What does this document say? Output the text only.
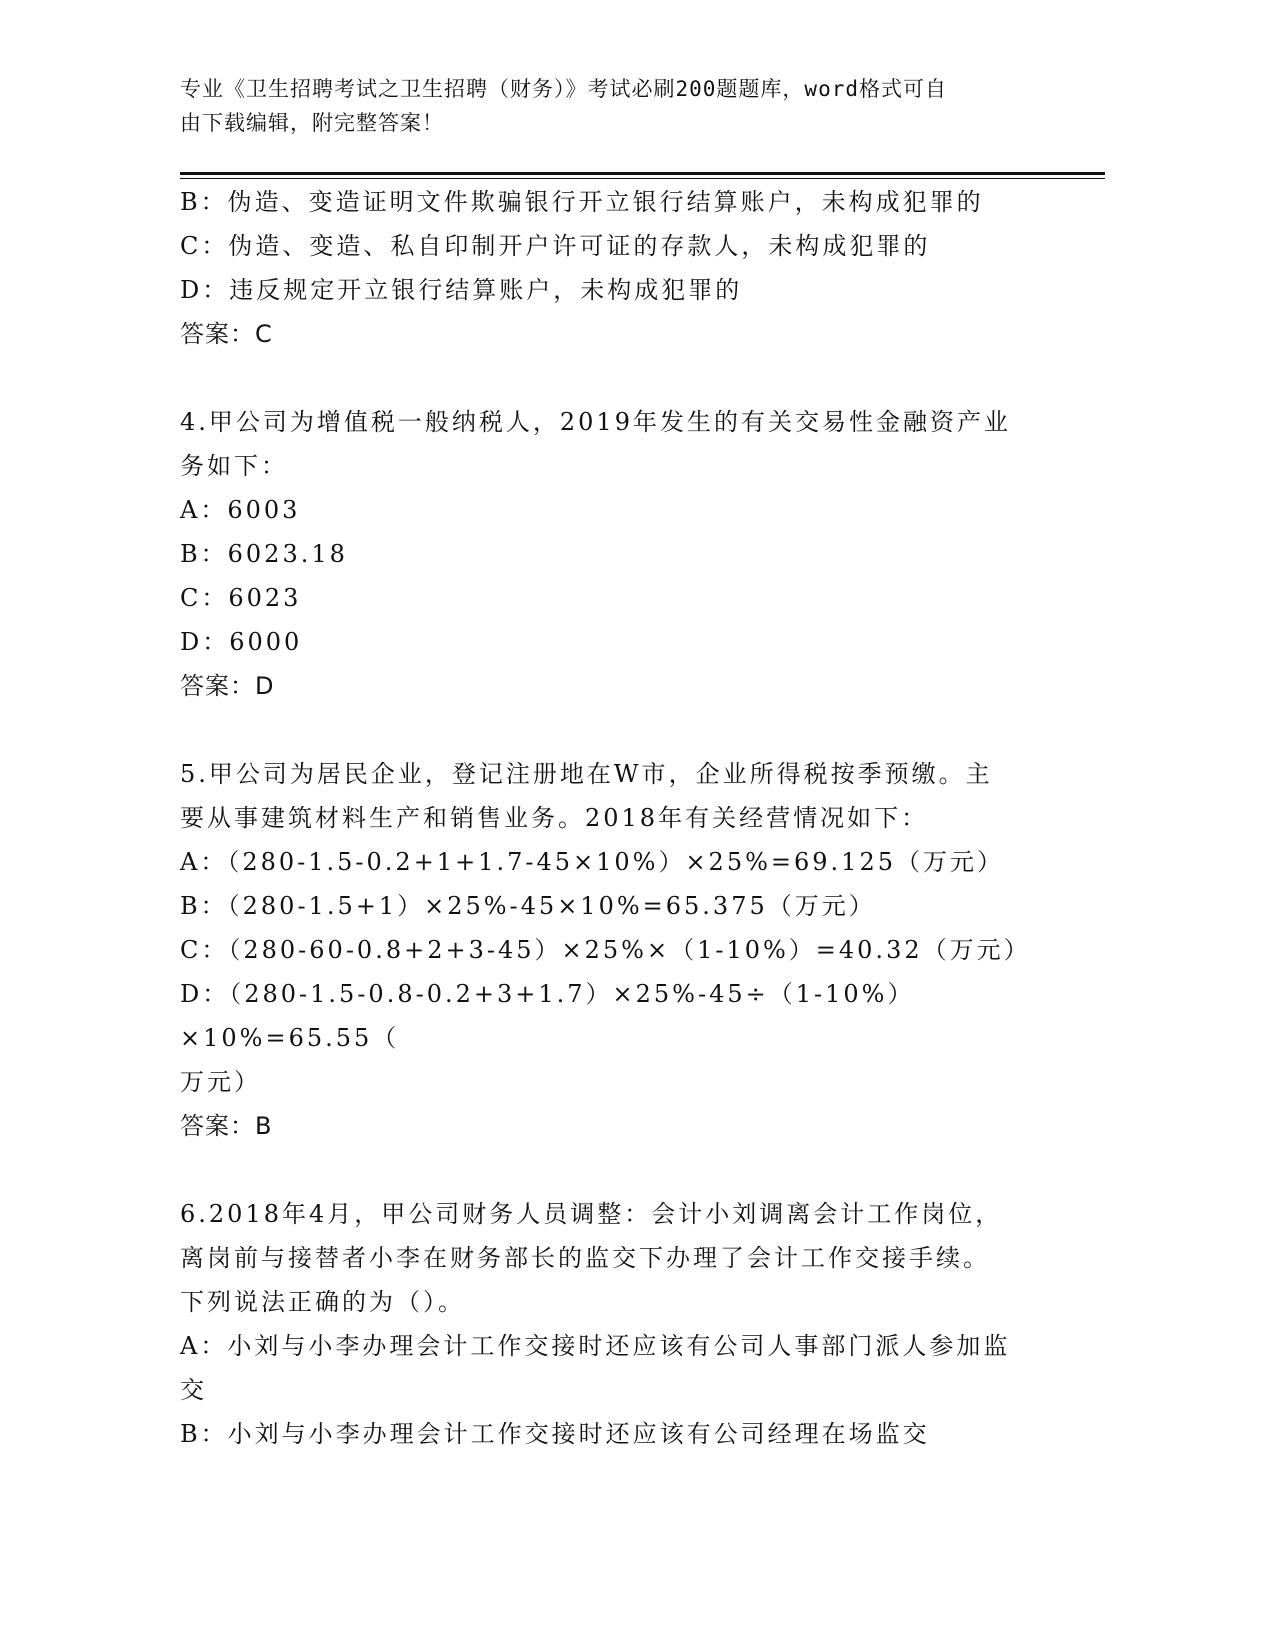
专业《卫生招聘考试之卫生招聘（财务）》考试必刷200题题库，word格式可自
由下载编辑，附完整答案！
B：伪造、变造证明文件欺骗银行开立银行结算账户，未构成犯罪的
C：伪造、变造、私自印制开户许可证的存款人，未构成犯罪的
D：违反规定开立银行结算账户，未构成犯罪的
答案：C
4.甲公司为增值税一般纳税人，2019年发生的有关交易性金融资产业
务如下：
A：6003
B：6023.18
C：6023
D：6000
答案：D
5.甲公司为居民企业，登记注册地在W市，企业所得税按季预缴。主
要从事建筑材料生产和销售业务。2018年有关经营情况如下：
A：（280-1.5-0.2+1+1.7-45×10%）×25%=69.125（万元）
B：（280-1.5+1）×25%-45×10%=65.375（万元）
C：（280-60-0.8+2+3-45）×25%×（1-10%）=40.32（万元）
D：（280-1.5-0.8-0.2+3+1.7）×25%-45÷（1-10%）×10%=65.55（
万元）
答案：B
6.2018年4月，甲公司财务人员调整：会计小刘调离会计工作岗位，
离岗前与接替者小李在财务部长的监交下办理了会计工作交接手续。
下列说法正确的为（）。
A：小刘与小李办理会计工作交接时还应该有公司人事部门派人参加监
交
B：小刘与小李办理会计工作交接时还应该有公司经理在场监交
